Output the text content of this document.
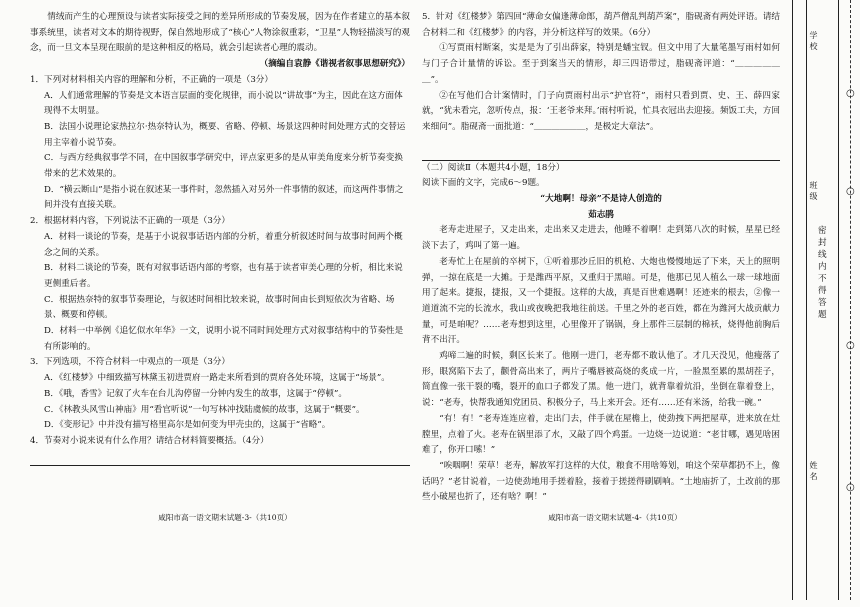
情绒而产生的心理预设与读者实际接受之间的差异所形成的节奏发展，因为在作者建立的基本叙事系统里，读者对文本的期待视野，保自然地形成了“核心”人物涂叙重彩，“卫星”人物轻描淡写的观念，而一旦文本呈现在眼前的是这种相反的格局，就会引起读者心理的震动。

（摘编自袁静《谐视者叙事思想研究》）

1．下列对材料相关内容的理解和分析，不正确的一项是（3分）

A．人们通常理解的节奏是文本语言层面的变化规律，而小说以“讲故事”为主，因此在这方面体现得不太明显。

B．法国小说理论家热拉尔·热奈特认为，概要、省略、停顿、场景这四种时间处理方式的交替运用主宰着小说节奏。

C．与西方经典叙事学不同，在中国叙事学研究中，评点家更多的是从审美角度来分析节奏变换带来的艺术效果的。

D．“横云断山”是指小说在叙述某一事件时，忽然插入对另外一件事情的叙述，而这两件事情之间并没有直接关联。

2．根据材料内容，下列说法不正确的一项是（3分）

A．材料一谈论的节奏，是基于小说叙事话语内部的分析，着重分析叙述时间与故事时间两个概念之间的关系。

B．材料二谈论的节奏，既有对叙事话语内部的考察，也有基于读者审美心理的分析，相比来说更侧重后者。

C．根据热奈特的叙事节奏理论，与叙述时间相比较来说，故事时间由长到短依次为省略、场景、概要和停顿。

D．材料一中举例《追忆似水年华》一文，说明小说不同时间处理方式对叙事结构中的节奏性是有所影响的。

3．下列选项，不符合材料一中观点的一项是（3分）

A．《红楼梦》中细致描写林黛玉初进贾府一路走来所看到的贾府各处环境，这属于“场景”。

B．《哦，香雪》记叙了火车在台儿沟停留一分钟内发生的故事，这属于“停顿”。

C．《林教头风雪山神庙》用“看官听说”一句写林冲找陆虞候的故事，这属于“概要”。

D．《变形记》中并没有描写格里高尔是如何变为甲壳虫的，这属于“省略”。

4．节奏对小说来说有什么作用？请结合材料简要概括。（4分）

咸阳市高一语文期末试题-3-（共10页）

5．针对《红楼梦》第四回“薄命女偏逢薄命郎，葫芦僧乱判葫芦案”，脂砚斋有两处评语。请结合材料二和《红楼梦》的内容，并分析这样写的效果。（6分）

①写贾雨村断案，实是是为了引出薛家，特别是蟠宝钗。但文中用了大量笔墨写雨村如何与门子合计量情的诉讼。至于到案当天的情形，却三四语带过，脂砚斋评道：“＿＿＿＿＿＿”。

②在写他们合计案情时，门子向贾雨村出示“护官符”，雨村只看到贾、史、王、薛四家就，“犹未看完，忽听传点，报：‘王老爷来拜。’雨村听说，忙具衣冠出去迎接。频饭工夫，方回来细问”。脂砚斋一面批道：“＿＿＿＿＿＿，是极定大章法”。

（二）阅读Ⅱ（本题共4小题，18分）

阅读下面的文字，完成6～9题。

“大地啊！母亲”不是诗人创造的

茹志鹃

老寿走进屋子，又走出来，走出来又走进去，他睡不着啊！走到第八次的时候，星星已经淡下去了，鸡叫了第一遍。

老寿忙上在屋前的卒树下，①听着那沙丘旧的机枪、大炮也慢慢地远了下来，天上的照明弹，一掠在底是一大摊。于是潍西平原，又重归于黑暗。可是，他那已见人植么一球一球地面用了起来。捷报，捷报，又一个捷报。这样的大战，真是百世难遇啊！还迹来的根去，②像一道道流不完的长流水，我山或夜晚把我地往前送。千里之外的老百姓，都在为潍河大战贡献力量，可是咱呢？……老寿想到这里，心里像开了锅锅，身上那件三层制的棉袄，烧得他前胸后背不出汗。

鸡啼二遍的时候，剩区长来了。他刚一进门，老寿都不敢认他了。才几天没见，他瘦落了形，眼窝陷下去了，颧骨高出来了，两片子嘴唇被高烧的炙成一片，一脸黑至累的黑胡茬子，简直像一张干裂的嘴，裂开的血口子都发了黑。他一进门，就背靠着炕沿，坐倒在靠着登上，说：“老寿，快帮我通知党团员、积极分子，马上来开会。还有……还有米汤，给我一碗。”

“有！有！”老寿连连应着，走出门去，伴手就在屋檐上，使劲拽下两把屋草，进来放在灶膛里，点着了火。老寿在锅里添了水，又敲了四个鸡蛋。一边烧一边说道：“老甘哪，遇见啥困难了，你开口嗦！”

“唉咽啊！荣草！老寿，解放军打这样的大仗，粮食不用啥筹划，咱这个荣草都扔不上，像话吗？”老甘说着，一边使劲地用手搓着脸，接着于搓搓得刷刷响。“土地庙折了，土改前的那些小破屋也折了，还有啥？啊！”

咸阳市高一语文期末试题-4-（共10页）
学校
班级
姓名
○
○
○
○
密封线内不得答题
